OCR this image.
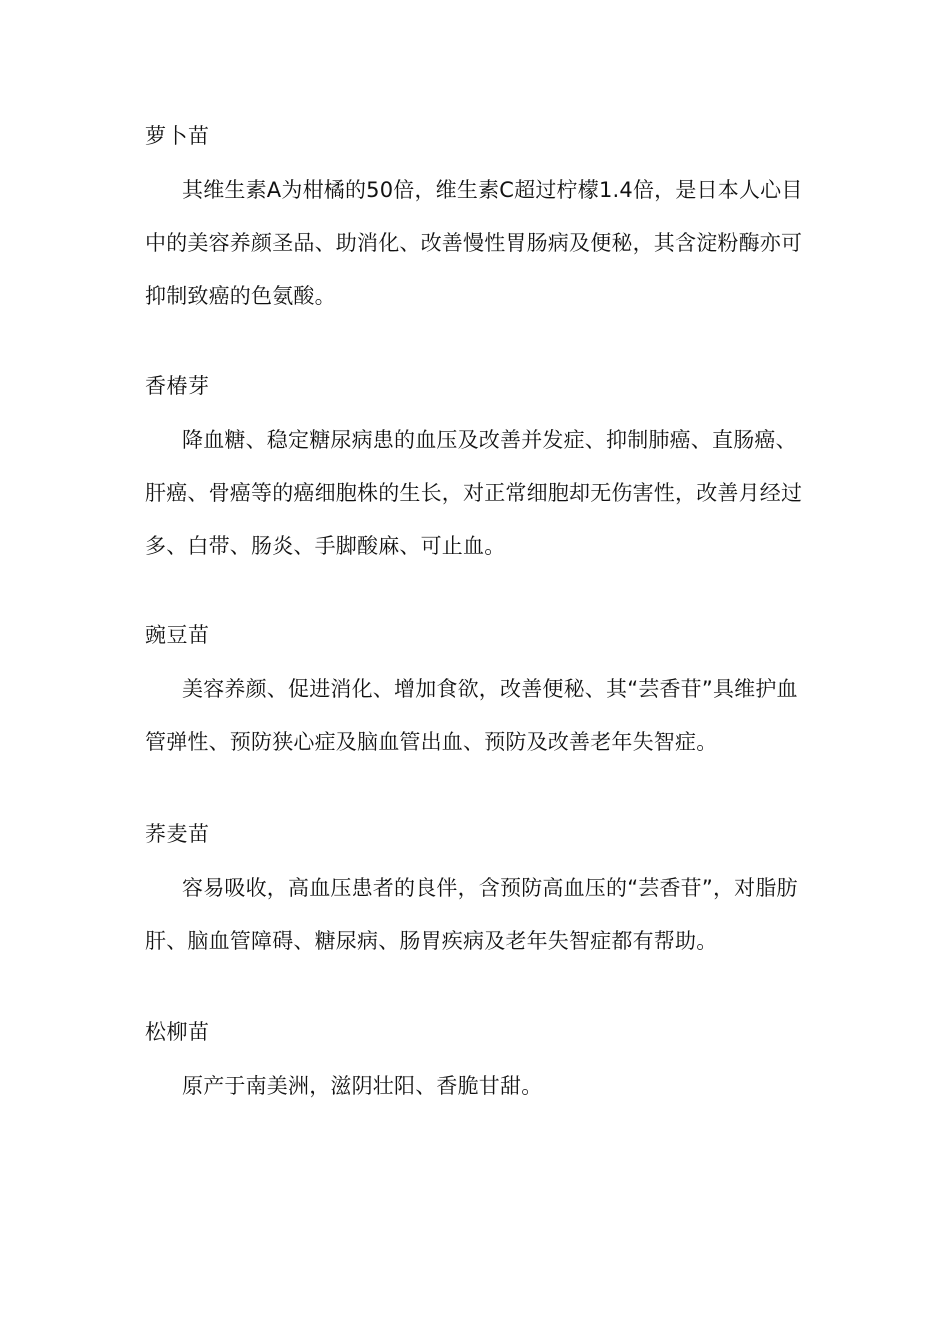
萝卜苗

其维生素A为柑橘的50倍，维生素C超过柠檬1.4倍，是日本人心目中的美容养颜圣品、助消化、改善慢性胃肠病及便秘，其含淀粉酶亦可抑制致癌的色氨酸。

香椿芽

降血糖、稳定糖尿病患的血压及改善并发症、抑制肺癌、直肠癌、肝癌、骨癌等的癌细胞株的生长，对正常细胞却无伤害性，改善月经过多、白带、肠炎、手脚酸麻、可止血。

豌豆苗

美容养颜、促进消化、增加食欲，改善便秘、其“芸香苷”具维护血管弹性、预防狭心症及脑血管出血、预防及改善老年失智症。

荞麦苗

容易吸收，高血压患者的良伴，含预防高血压的“芸香苷”，对脂肪肝、脑血管障碍、糖尿病、肠胃疾病及老年失智症都有帮助。

松柳苗

原产于南美洲，滋阴壮阳、香脆甘甜。
